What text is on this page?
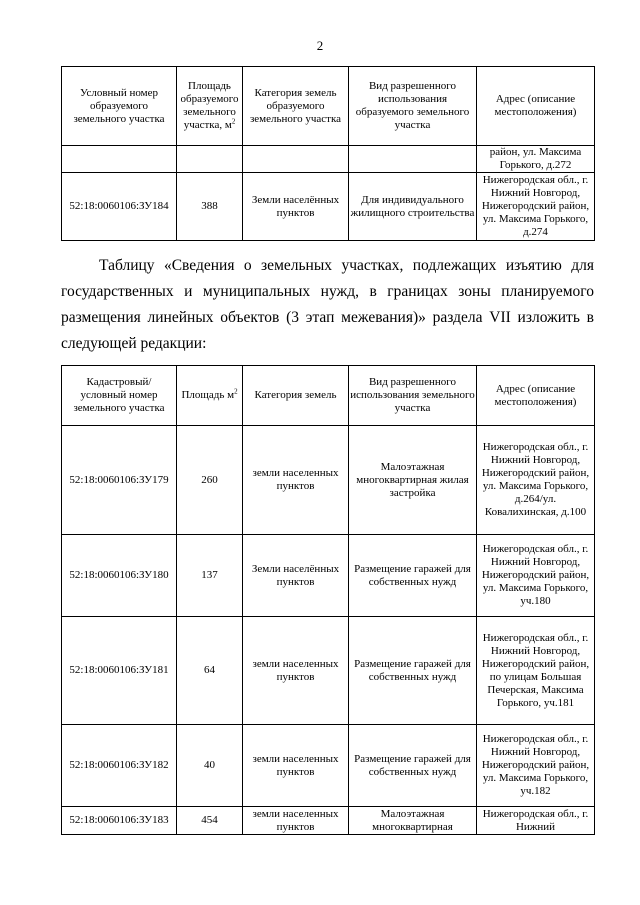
2
Условный номер образуемого земельного участка	Площадь образуемого земельного участка, $м^2$	Категория земель образуемого земельного участка	Вид разрешенного использования образуемого земельного участка	Адрес (описание местоположения)
				район, ул. Максима Горького, д.272
52:18:0060106:ЗУ184	388	Земли населённых пунктов	Для индивидуального жилищного строительства	Нижегородская обл., г. Нижний Новгород, Нижегородский район, ул. Максима Горького, д.274

Таблицу «Сведения о земельных участках, подлежащих изъятию для государственных и муниципальных нужд, в границах зоны планируемого размещения линейных объектов (3 этап межевания)» раздела VII изложить в следующей редакции:

Кадастровый/ условный номер земельного участка	Площадь $м^2$	Категория земель	Вид разрешенного использования земельного участка	Адрес (описание местоположения)
52:18:0060106:ЗУ179	260	земли населенных пунктов	Малоэтажная многоквартирная жилая застройка	Нижегородская обл., г. Нижний Новгород, Нижегородский район, ул. Максима Горького, д.264/ул. Ковалихинская, д.100
52:18:0060106:ЗУ180	137	Земли населённых пунктов	Размещение гаражей для собственных нужд	Нижегородская обл., г. Нижний Новгород, Нижегородский район, ул. Максима Горького, уч.180
52:18:0060106:ЗУ181	64	земли населенных пунктов	Размещение гаражей для собственных нужд	Нижегородская обл., г. Нижний Новгород, Нижегородский район, по улицам Большая Печерская, Максима Горького, уч.181
52:18:0060106:ЗУ182	40	земли населенных пунктов	Размещение гаражей для собственных нужд	Нижегородская обл., г. Нижний Новгород, Нижегородский район, ул. Максима Горького, уч.182
52:18:0060106:ЗУ183	454	земли населенных пунктов	Малоэтажная многоквартирная	Нижегородская обл., г. Нижний
